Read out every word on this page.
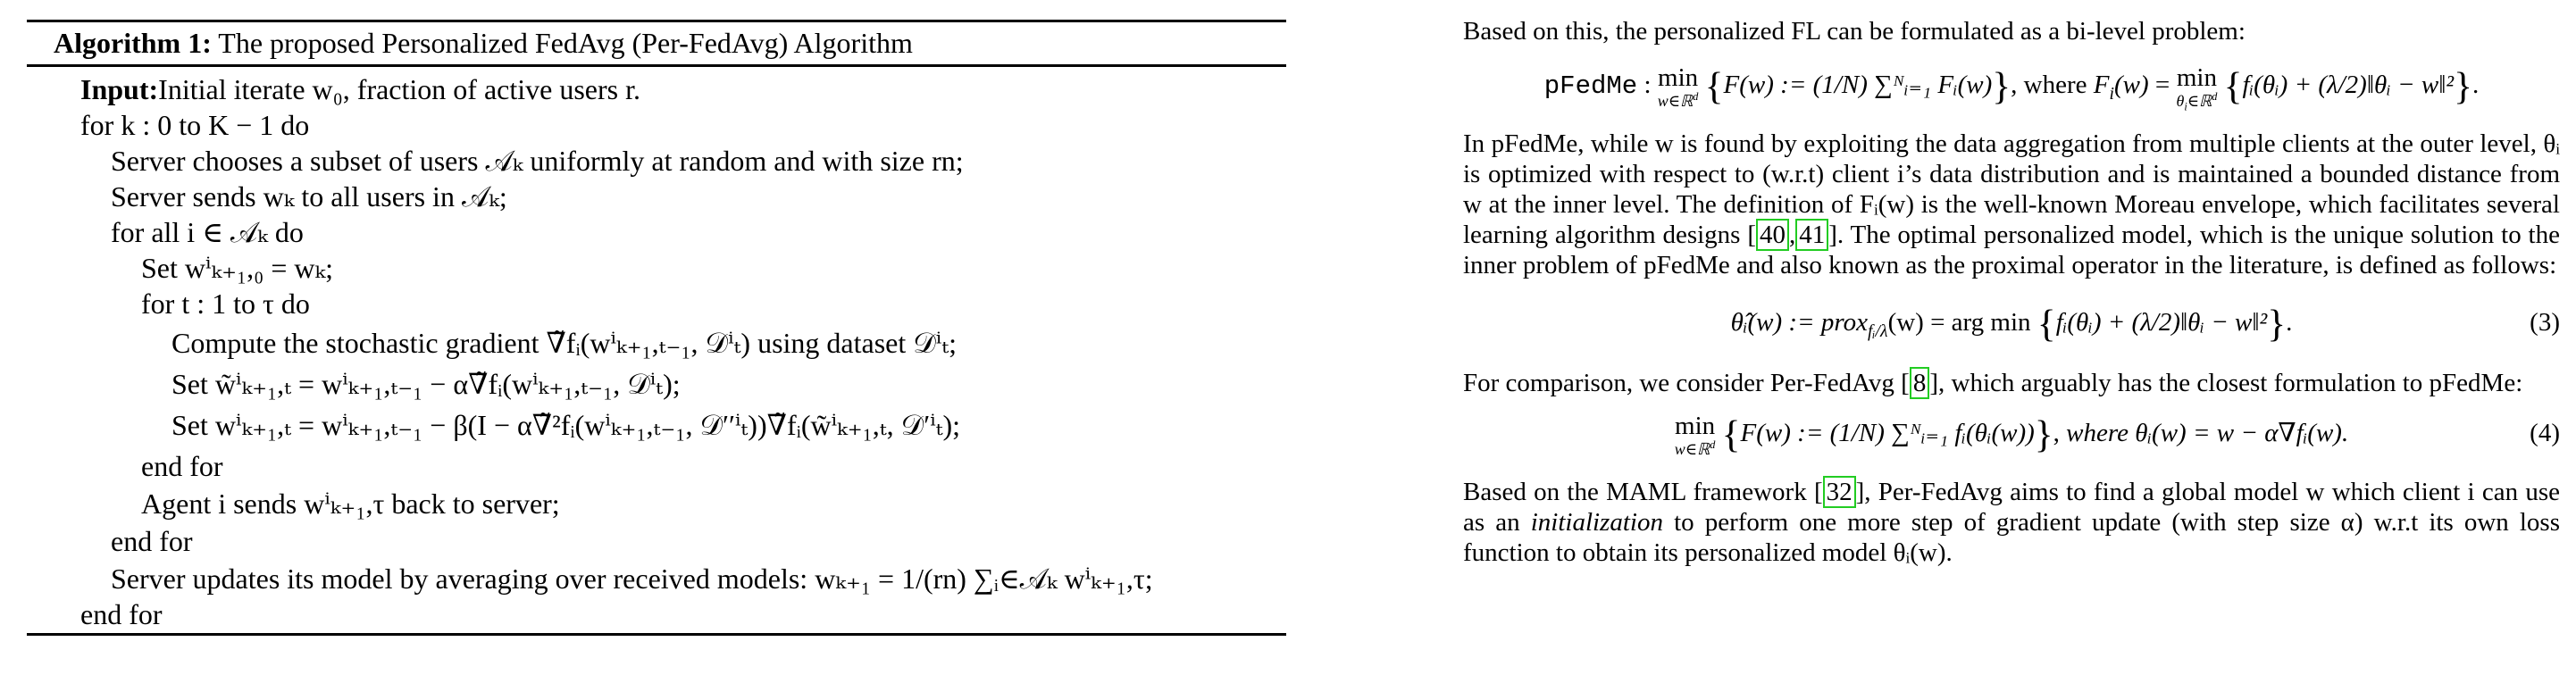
Algorithm 1: The proposed Personalized FedAvg (Per-FedAvg) Algorithm
Input:Initial iterate w₀, fraction of active users r.
for k : 0 to K − 1 do
Server chooses a subset of users 𝒜ₖ uniformly at random and with size rn;
Server sends wₖ to all users in 𝒜ₖ;
for all i ∈ 𝒜ₖ do
Set wⁱₖ₊₁,₀ = wₖ;
for t : 1 to τ do
Compute the stochastic gradient ∇̃fᵢ(wⁱₖ₊₁,ₜ₋₁, 𝒟ⁱₜ) using dataset 𝒟ⁱₜ;
Set w̃ⁱₖ₊₁,ₜ = wⁱₖ₊₁,ₜ₋₁ − α∇̃fᵢ(wⁱₖ₊₁,ₜ₋₁, 𝒟ⁱₜ);
Set wⁱₖ₊₁,ₜ = wⁱₖ₊₁,ₜ₋₁ − β(I − α∇̃²fᵢ(wⁱₖ₊₁,ₜ₋₁, 𝒟′′ⁱₜ))∇̃fᵢ(w̃ⁱₖ₊₁,ₜ, 𝒟′ⁱₜ);
end for
Agent i sends wⁱₖ₊₁,τ back to server;
end for
Server updates its model by averaging over received models: wₖ₊₁ = 1/(rn) ∑ᵢ∈𝒜ₖ wⁱₖ₊₁,τ;
end for

Based on this, the personalized FL can be formulated as a bi-level problem:

pFedMe : min
w∈ℝ$^d$ {F(w) := (1/N) ∑ᴺᵢ₌₁ Fᵢ(w)}, where $F_i(w) = \min$
$\theta_i\in ℝ^d$ {fᵢ(θᵢ) + (λ/2)‖θᵢ − w‖²}.

In pFedMe, while w is found by exploiting the data aggregation from multiple clients at the outer level, θᵢ is optimized with respect to (w.r.t) client i’s data distribution and is maintained a bounded distance from w at the inner level. The definition of Fᵢ(w) is the well-known Moreau envelope, which facilitates several learning algorithm designs [ 40 , 41 ]. The optimal personalized model, which is the unique solution to the inner problem of pFedMe and also known as the proximal operator in the literature, is defined as follows:

θ̂ᵢ(w) := prox$_{fᵢ/\lambda}$(w) = arg min {fᵢ(θᵢ) + (λ/2)‖θᵢ − w‖²}.	(3)

For comparison, we consider Per-FedAvg [ 8 ], which arguably has the closest formulation to pFedMe:

min
w∈ℝ$^d$ {F(w) := (1/N) ∑ᴺᵢ₌₁ fᵢ(θᵢ(w))}, where θᵢ(w) = w − α∇fᵢ(w).	(4)

Based on the MAML framework [ 32 ], Per-FedAvg aims to find a global model w which client i can use as an initialization to perform one more step of gradient update (with step size α) w.r.t its own loss function to obtain its personalized model θᵢ(w).
